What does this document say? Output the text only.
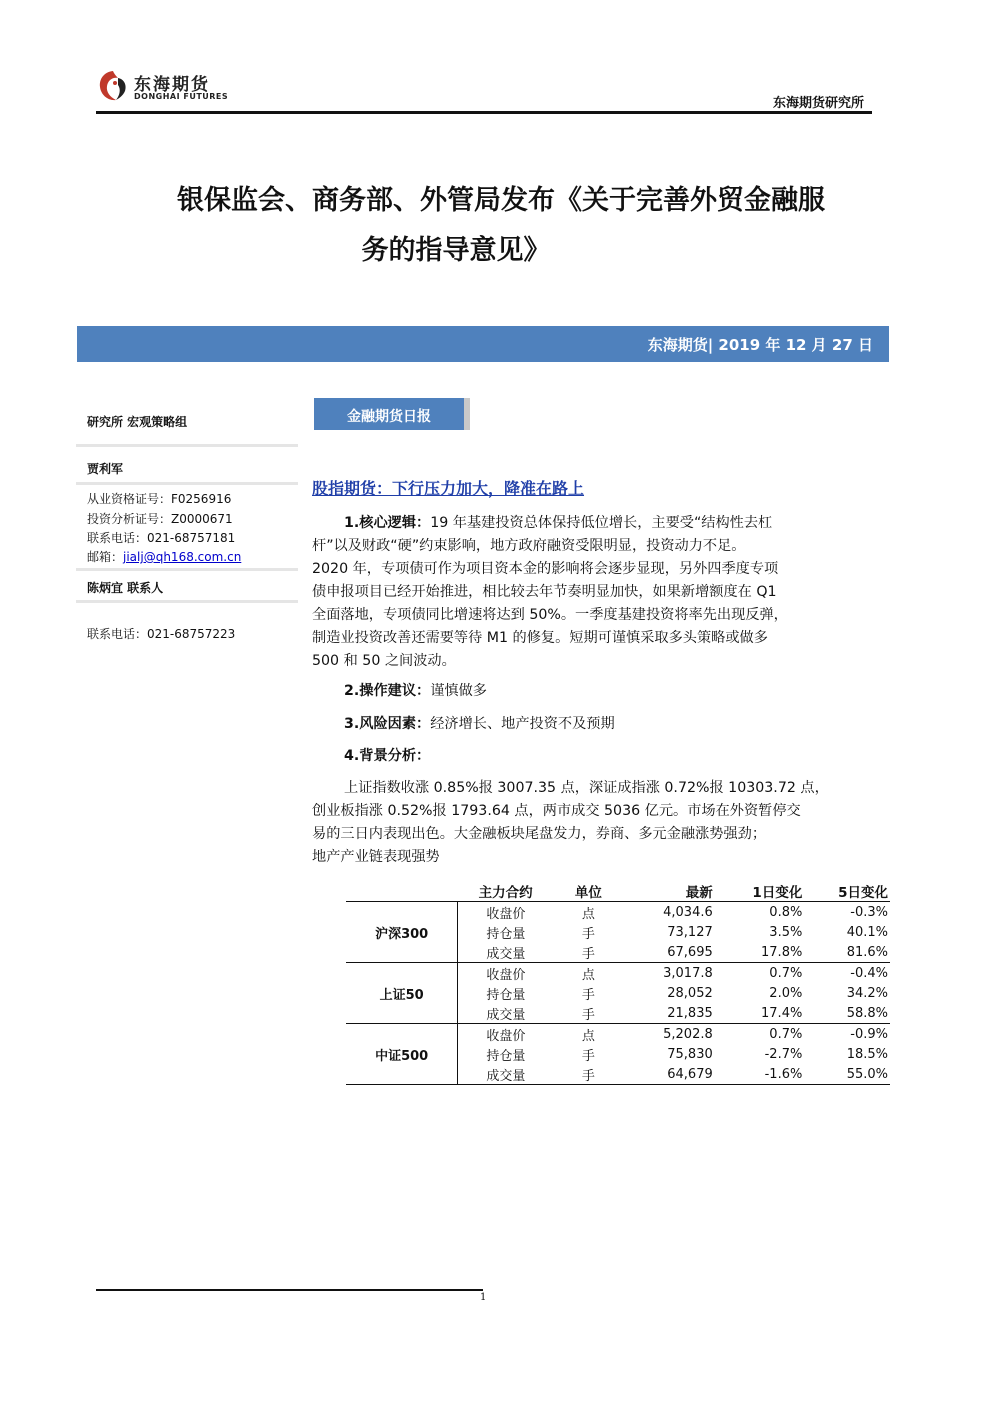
东海期货
DONGHAI FUTURES	东海期货研究所
银保监会、商务部、外管局发布《关于完善外贸金融服
务的指导意见》
东海期货| 2019 年 12 月 27 日
研究所 宏观策略组
贾利军
从业资格证号：F0256916
投资分析证号：Z0000671
联系电话：021-68757181
邮箱：jialj@qh168.com.cn
陈炳宜 联系人
联系电话：021-68757223
金融期货日报
股指期货：下行压力加大，降准在路上
1.核心逻辑：19 年基建投资总体保持低位增长，主要受“结构性去杠
杆”以及财政“硬”约束影响，地方政府融资受限明显，投资动力不足。
2020 年，专项债可作为项目资本金的影响将会逐步显现，另外四季度专项
债申报项目已经开始推进，相比较去年节奏明显加快，如果新增额度在 Q1
全面落地，专项债同比增速将达到 50%。一季度基建投资将率先出现反弹，
制造业投资改善还需要等待 M1 的修复。短期可谨慎采取多头策略或做多
500 和 50 之间波动。
2.操作建议：谨慎做多
3.风险因素：经济增长、地产投资不及预期
4.背景分析：
上证指数收涨 0.85%报 3007.35 点，深证成指涨 0.72%报 10303.72 点，
创业板指涨 0.52%报 1793.64 点，两市成交 5036 亿元。市场在外资暂停交
易的三日内表现出色。大金融板块尾盘发力，券商、多元金融涨势强劲；
地产产业链表现强势
	主力合约	单位	最新	1日变化	5日变化
沪深300	收盘价	点	4,034.6	0.8%	-0.3%
	持仓量	手	73,127	3.5%	40.1%
	成交量	手	67,695	17.8%	81.6%
上证50	收盘价	点	3,017.8	0.7%	-0.4%
	持仓量	手	28,052	2.0%	34.2%
	成交量	手	21,835	17.4%	58.8%
中证500	收盘价	点	5,202.8	0.7%	-0.9%
	持仓量	手	75,830	-2.7%	18.5%
	成交量	手	64,679	-1.6%	55.0%
1
